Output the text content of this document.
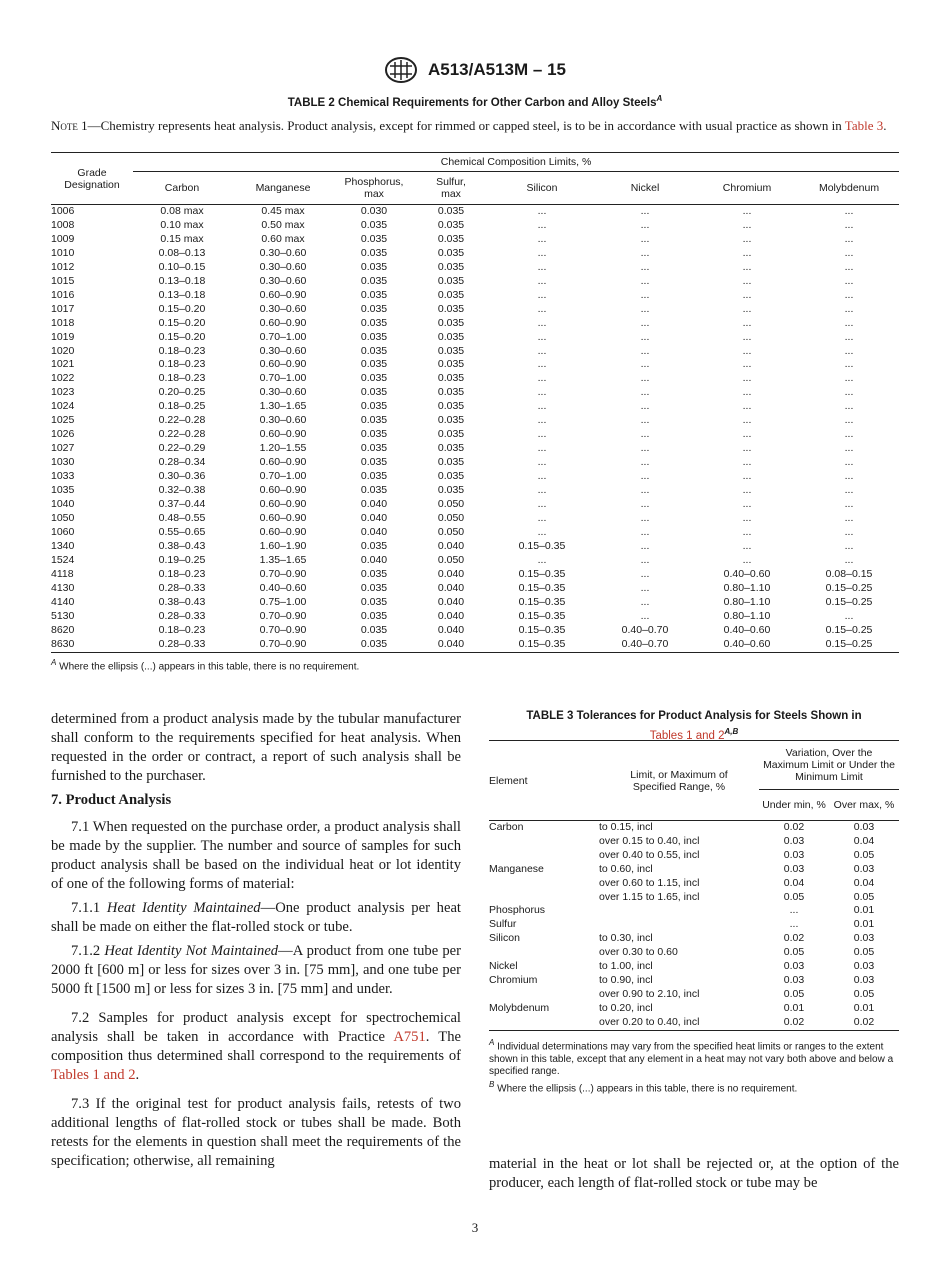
A513/A513M – 15
TABLE 2 Chemical Requirements for Other Carbon and Alloy Steels$^A$
Note 1—Chemistry represents heat analysis. Product analysis, except for rimmed or capped steel, is to be in accordance with usual practice as shown in Table 3.
Grade Designation	Chemical Composition Limits, %							
	Carbon	Manganese	Phosphorus, max	Sulfur, max	Silicon	Nickel	Chromium	Molybdenum
1006	0.08 max	0.45 max	0.030	0.035	...	...	...	...
1008	0.10 max	0.50 max	0.035	0.035	...	...	...	...
1009	0.15 max	0.60 max	0.035	0.035	...	...	...	...
1010	0.08–0.13	0.30–0.60	0.035	0.035	...	...	...	...
1012	0.10–0.15	0.30–0.60	0.035	0.035	...	...	...	...
1015	0.13–0.18	0.30–0.60	0.035	0.035	...	...	...	...
1016	0.13–0.18	0.60–0.90	0.035	0.035	...	...	...	...
1017	0.15–0.20	0.30–0.60	0.035	0.035	...	...	...	...
1018	0.15–0.20	0.60–0.90	0.035	0.035	...	...	...	...
1019	0.15–0.20	0.70–1.00	0.035	0.035	...	...	...	...
1020	0.18–0.23	0.30–0.60	0.035	0.035	...	...	...	...
1021	0.18–0.23	0.60–0.90	0.035	0.035	...	...	...	...
1022	0.18–0.23	0.70–1.00	0.035	0.035	...	...	...	...
1023	0.20–0.25	0.30–0.60	0.035	0.035	...	...	...	...
1024	0.18–0.25	1.30–1.65	0.035	0.035	...	...	...	...
1025	0.22–0.28	0.30–0.60	0.035	0.035	...	...	...	...
1026	0.22–0.28	0.60–0.90	0.035	0.035	...	...	...	...
1027	0.22–0.29	1.20–1.55	0.035	0.035	...	...	...	...
1030	0.28–0.34	0.60–0.90	0.035	0.035	...	...	...	...
1033	0.30–0.36	0.70–1.00	0.035	0.035	...	...	...	...
1035	0.32–0.38	0.60–0.90	0.035	0.035	...	...	...	...
1040	0.37–0.44	0.60–0.90	0.040	0.050	...	...	...	...
1050	0.48–0.55	0.60–0.90	0.040	0.050	...	...	...	...
1060	0.55–0.65	0.60–0.90	0.040	0.050	...	...	...	...
1340	0.38–0.43	1.60–1.90	0.035	0.040	0.15–0.35	...	...	...
1524	0.19–0.25	1.35–1.65	0.040	0.050	...	...	...	...
4118	0.18–0.23	0.70–0.90	0.035	0.040	0.15–0.35	...	0.40–0.60	0.08–0.15
4130	0.28–0.33	0.40–0.60	0.035	0.040	0.15–0.35	...	0.80–1.10	0.15–0.25
4140	0.38–0.43	0.75–1.00	0.035	0.040	0.15–0.35	...	0.80–1.10	0.15–0.25
5130	0.28–0.33	0.70–0.90	0.035	0.040	0.15–0.35	...	0.80–1.10	...
8620	0.18–0.23	0.70–0.90	0.035	0.040	0.15–0.35	0.40–0.70	0.40–0.60	0.15–0.25
8630	0.28–0.33	0.70–0.90	0.035	0.040	0.15–0.35	0.40–0.70	0.40–0.60	0.15–0.25
$^A$ Where the ellipsis (...) appears in this table, there is no requirement.

determined from a product analysis made by the tubular manufacturer shall conform to the requirements specified for heat analysis. When requested in the order or contract, a report of such analysis shall be furnished to the purchaser.

7. Product Analysis

7.1 When requested on the purchase order, a product analysis shall be made by the supplier. The number and source of samples for such product analysis shall be based on the individual heat or lot identity of one of the following forms of material:

7.1.1 Heat Identity Maintained—One product analysis per heat shall be made on either the flat-rolled stock or tube.

7.1.2 Heat Identity Not Maintained—A product from one tube per 2000 ft [600 m] or less for sizes over 3 in. [75 mm], and one tube per 5000 ft [1500 m] or less for sizes 3 in. [75 mm] and under.

7.2 Samples for product analysis except for spectrochemical analysis shall be taken in accordance with Practice A751. The composition thus determined shall correspond to the requirements of Tables 1 and 2.

7.3 If the original test for product analysis fails, retests of two additional lengths of flat-rolled stock or tubes shall be made. Both retests for the elements in question shall meet the requirements of the specification; otherwise, all remaining

TABLE 3 Tolerances for Product Analysis for Steels Shown in
Tables 1 and $2^{A,B}$
Element	Limit, or Maximum of Specified Range, %	Variation, Over the Maximum Limit or Under the Minimum Limit	
		Under min, %	Over max, %
Carbon	to 0.15, incl	0.02	0.03
	over 0.15 to 0.40, incl	0.03	0.04
	over 0.40 to 0.55, incl	0.03	0.05
Manganese	to 0.60, incl	0.03	0.03
	over 0.60 to 1.15, incl	0.04	0.04
	over 1.15 to 1.65, incl	0.05	0.05
Phosphorus		...	0.01
Sulfur		...	0.01
Silicon	to 0.30, incl	0.02	0.03
	over 0.30 to 0.60	0.05	0.05
Nickel	to 1.00, incl	0.03	0.03
Chromium	to 0.90, incl	0.03	0.03
	over 0.90 to 2.10, incl	0.05	0.05
Molybdenum	to 0.20, incl	0.01	0.01
	over 0.20 to 0.40, incl	0.02	0.02
$^A$ Individual determinations may vary from the specified heat limits or ranges to the extent shown in this table, except that any element in a heat may not vary both above and below a specified range.
$^B$ Where the ellipsis (...) appears in this table, there is no requirement.
material in the heat or lot shall be rejected or, at the option of the producer, each length of flat-rolled stock or tube may be
3
